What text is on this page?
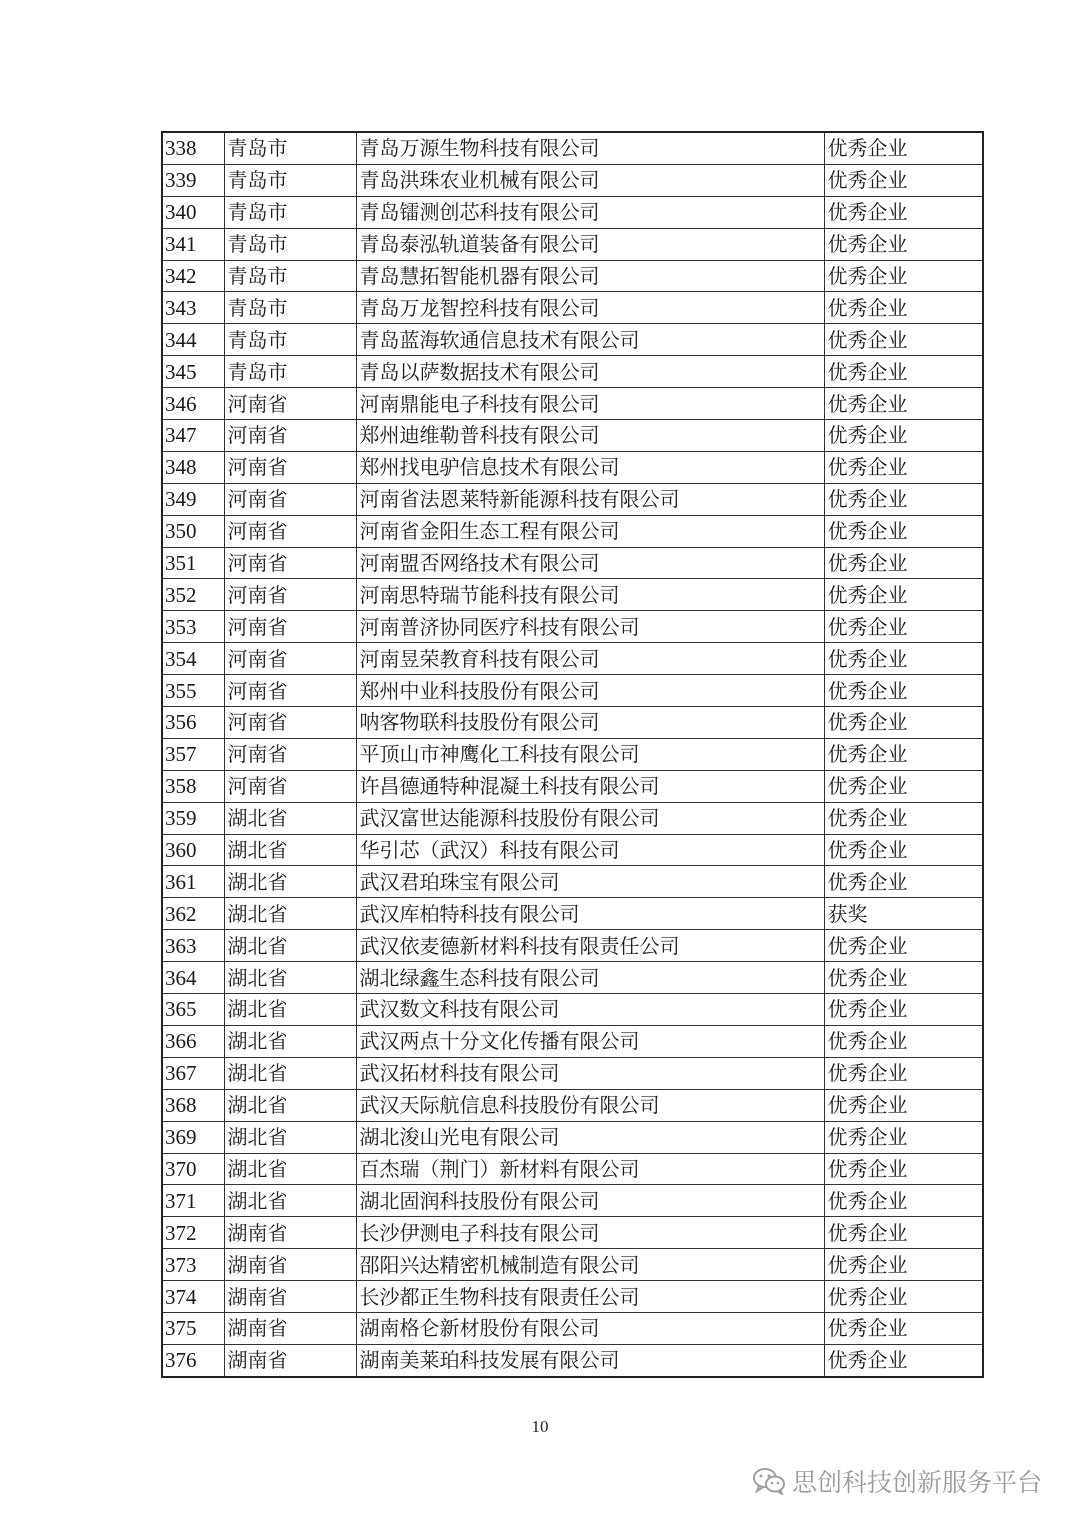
338	青岛市	青岛万源生物科技有限公司	优秀企业
339	青岛市	青岛洪珠农业机械有限公司	优秀企业
340	青岛市	青岛镭测创芯科技有限公司	优秀企业
341	青岛市	青岛泰泓轨道装备有限公司	优秀企业
342	青岛市	青岛慧拓智能机器有限公司	优秀企业
343	青岛市	青岛万龙智控科技有限公司	优秀企业
344	青岛市	青岛蓝海软通信息技术有限公司	优秀企业
345	青岛市	青岛以萨数据技术有限公司	优秀企业
346	河南省	河南鼎能电子科技有限公司	优秀企业
347	河南省	郑州迪维勒普科技有限公司	优秀企业
348	河南省	郑州找电驴信息技术有限公司	优秀企业
349	河南省	河南省法恩莱特新能源科技有限公司	优秀企业
350	河南省	河南省金阳生态工程有限公司	优秀企业
351	河南省	河南盟否网络技术有限公司	优秀企业
352	河南省	河南思特瑞节能科技有限公司	优秀企业
353	河南省	河南普济协同医疗科技有限公司	优秀企业
354	河南省	河南昱荣教育科技有限公司	优秀企业
355	河南省	郑州中业科技股份有限公司	优秀企业
356	河南省	呐客物联科技股份有限公司	优秀企业
357	河南省	平顶山市神鹰化工科技有限公司	优秀企业
358	河南省	许昌德通特种混凝土科技有限公司	优秀企业
359	湖北省	武汉富世达能源科技股份有限公司	优秀企业
360	湖北省	华引芯（武汉）科技有限公司	优秀企业
361	湖北省	武汉君珀珠宝有限公司	优秀企业
362	湖北省	武汉库柏特科技有限公司	获奖
363	湖北省	武汉依麦德新材料科技有限责任公司	优秀企业
364	湖北省	湖北绿鑫生态科技有限公司	优秀企业
365	湖北省	武汉数文科技有限公司	优秀企业
366	湖北省	武汉两点十分文化传播有限公司	优秀企业
367	湖北省	武汉拓材科技有限公司	优秀企业
368	湖北省	武汉天际航信息科技股份有限公司	优秀企业
369	湖北省	湖北浚山光电有限公司	优秀企业
370	湖北省	百杰瑞（荆门）新材料有限公司	优秀企业
371	湖北省	湖北固润科技股份有限公司	优秀企业
372	湖南省	长沙伊测电子科技有限公司	优秀企业
373	湖南省	邵阳兴达精密机械制造有限公司	优秀企业
374	湖南省	长沙都正生物科技有限责任公司	优秀企业
375	湖南省	湖南格仑新材股份有限公司	优秀企业
376	湖南省	湖南美莱珀科技发展有限公司	优秀企业
10
思创科技创新服务平台
